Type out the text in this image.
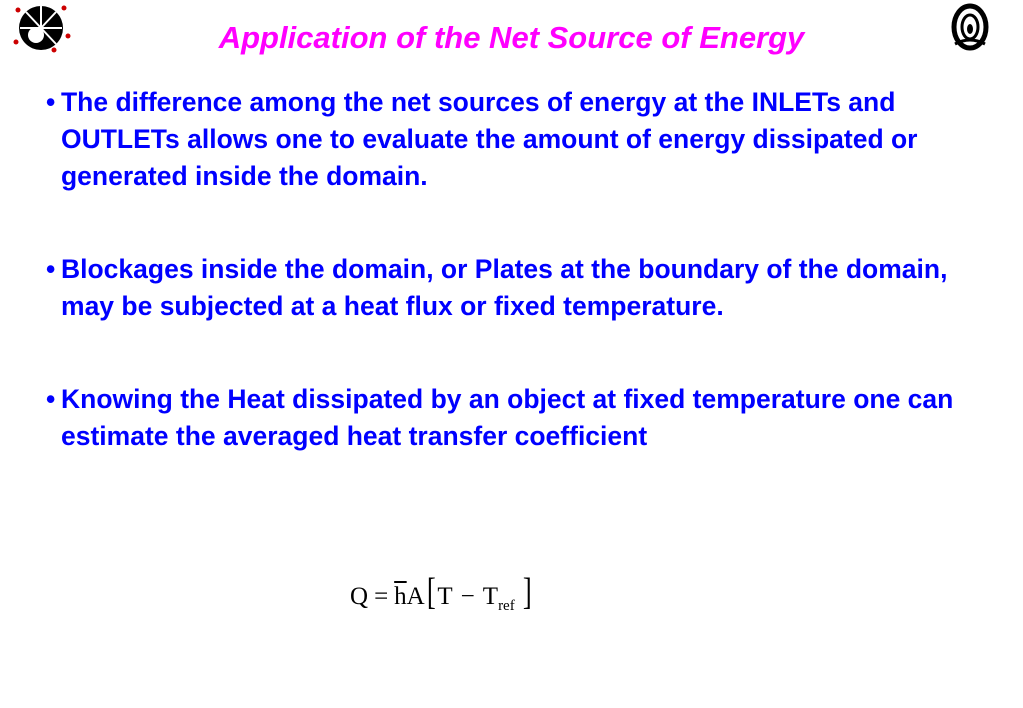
Application of the Net Source of Energy
• The difference among the net sources of energy at the INLETs and OUTLETs allows one to evaluate the amount of energy dissipated or generated inside the domain.
• Blockages inside the domain, or Plates at the boundary of the domain, may be subjected at a heat flux or fixed temperature.
• Knowing the Heat dissipated by an object at fixed temperature one can estimate the averaged heat transfer coefficient
$Q = \overline{h}A[T$ − Tref ]
